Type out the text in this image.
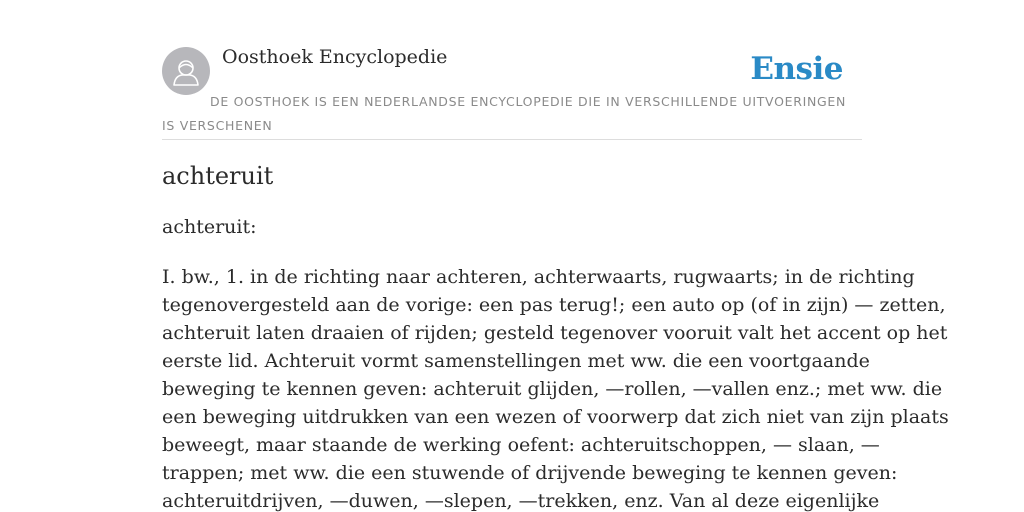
Oosthoek Encyclopedie	Ensie
DE OOSTHOEK IS EEN NEDERLANDSE ENCYCLOPEDIE DIE IN VERSCHILLENDE UITVOERINGEN IS VERSCHENEN
achteruit
achteruit:
I. bw., 1. in de richting naar achteren, achterwaarts, rugwaarts; in de richting
tegenovergesteld aan de vorige: een pas terug!; een auto op (of in zijn) — zetten,
achteruit laten draaien of rijden; gesteld tegenover vooruit valt het accent op het
eerste lid. Achteruit vormt samenstellingen met ww. die een voortgaande
beweging te kennen geven: achteruit glijden, —rollen, —vallen enz.; met ww. die
een beweging uitdrukken van een wezen of voorwerp dat zich niet van zijn plaats
beweegt, maar staande de werking oefent: achteruitschoppen, — slaan, —
trappen; met ww. die een stuwende of drijvende beweging te kennen geven:
achteruitdrijven, —duwen, —slepen, —trekken, enz. Van al deze eigenlijke
